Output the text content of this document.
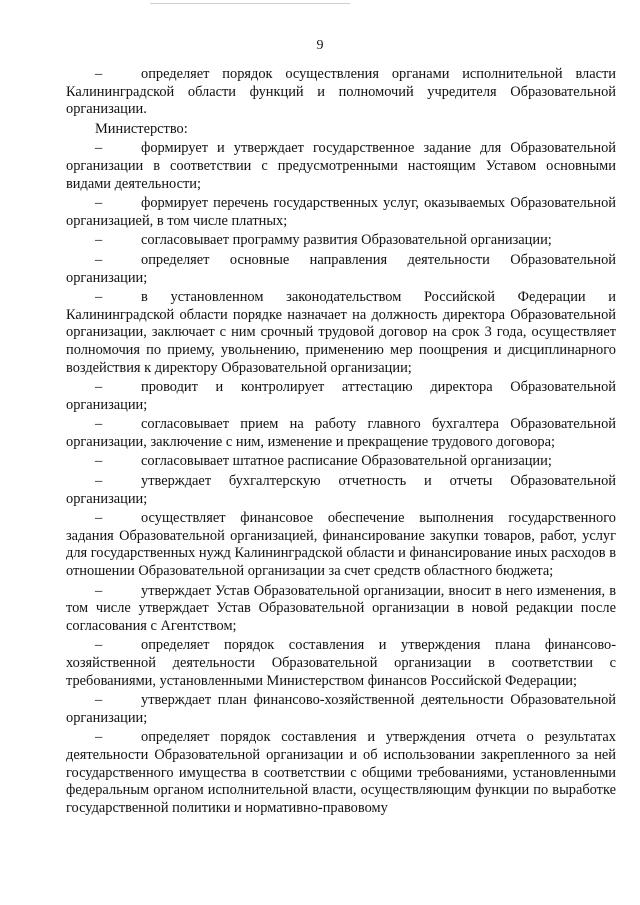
9

–	определяет порядок осуществления органами исполнительной власти Калининградской области функций и полномочий учредителя Образовательной организации.

Министерство:

–	формирует и утверждает государственное задание для Образовательной организации в соответствии с предусмотренными настоящим Уставом основными видами деятельности;

–	формирует перечень государственных услуг, оказываемых Образовательной организацией, в том числе платных;

–	согласовывает программу развития Образовательной организации;

–	определяет основные направления деятельности Образовательной организации;

–	в установленном законодательством Российской Федерации и Калининградской области порядке назначает на должность директора Образовательной организации, заключает с ним срочный трудовой договор на срок 3 года, осуществляет полномочия по приему, увольнению, применению мер поощрения и дисциплинарного воздействия к директору Образовательной организации;

–	проводит и контролирует аттестацию директора Образовательной организации;

–	согласовывает прием на работу главного бухгалтера Образовательной организации, заключение с ним, изменение и прекращение трудового договора;

–	согласовывает штатное расписание Образовательной организации;

–	утверждает бухгалтерскую отчетность и отчеты Образовательной организации;

–	осуществляет финансовое обеспечение выполнения государственного задания Образовательной организацией, финансирование закупки товаров, работ, услуг для государственных нужд Калининградской области и финансирование иных расходов в отношении Образовательной организации за счет средств областного бюджета;

–	утверждает Устав Образовательной организации, вносит в него изменения, в том числе утверждает Устав Образовательной организации в новой редакции после согласования с Агентством;

–	определяет порядок составления и утверждения плана финансово-хозяйственной деятельности Образовательной организации в соответствии с требованиями, установленными Министерством финансов Российской Федерации;

–	утверждает план финансово-хозяйственной деятельности Образовательной организации;

–	определяет порядок составления и утверждения отчета о результатах деятельности Образовательной организации и об использовании закрепленного за ней государственного имущества в соответствии с общими требованиями, установленными федеральным органом исполнительной власти, осуществляющим функции по выработке государственной политики и нормативно-правовому
